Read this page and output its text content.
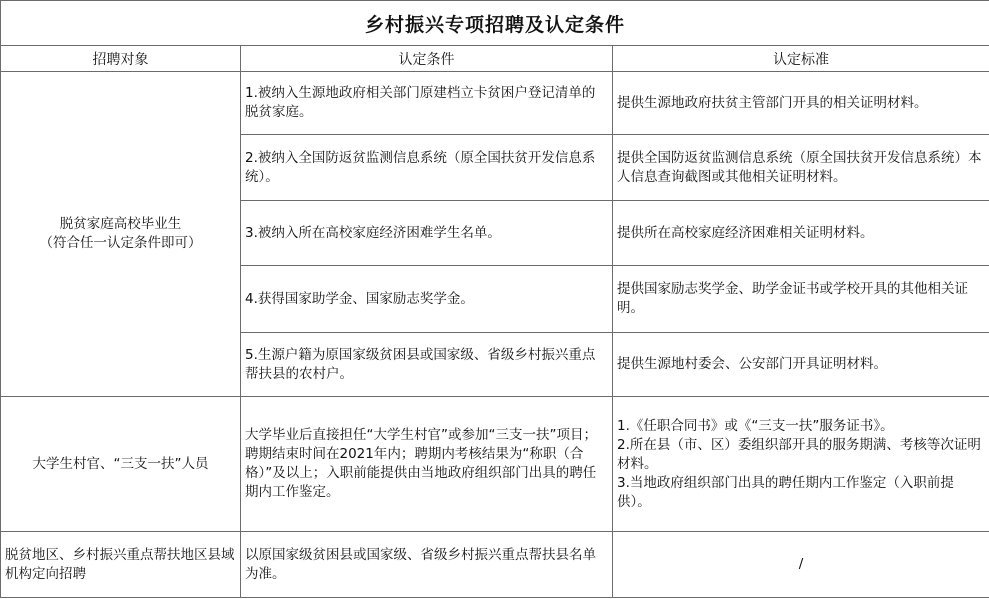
乡村振兴专项招聘及认定条件		
招聘对象	认定条件	认定标准

脱贫家庭高校毕业生
（符合任一认定条件即可）	1.被纳入生源地政府相关部门原建档立卡贫困户登记清单的脱贫家庭。	提供生源地政府扶贫主管部门开具的相关证明材料。
	2.被纳入全国防返贫监测信息系统（原全国扶贫开发信息系统）。	提供全国防返贫监测信息系统（原全国扶贫开发信息系统）本人信息查询截图或其他相关证明材料。
	3.被纳入所在高校家庭经济困难学生名单。	提供所在高校家庭经济困难相关证明材料。
	4.获得国家助学金、国家励志奖学金。	提供国家励志奖学金、助学金证书或学校开具的其他相关证明。
	5.生源户籍为原国家级贫困县或国家级、省级乡村振兴重点帮扶县的农村户。	提供生源地村委会、公安部门开具证明材料。
大学生村官、“三支一扶”人员	大学毕业后直接担任“大学生村官”或参加“三支一扶”项目；聘期结束时间在2021年内；聘期内考核结果为“称职（合格）”及以上；入职前能提供由当地政府组织部门出具的聘任期内工作鉴定。	1.《任职合同书》或《“三支一扶”服务证书》。
2.所在县（市、区）委组织部开具的服务期满、考核等次证明材料。
3.当地政府组织部门出具的聘任期内工作鉴定（入职前提供）。

脱贫地区、乡村振兴重点帮扶地区县域机构定向招聘	以原国家级贫困县或国家级、省级乡村振兴重点帮扶县名单为准。	/
